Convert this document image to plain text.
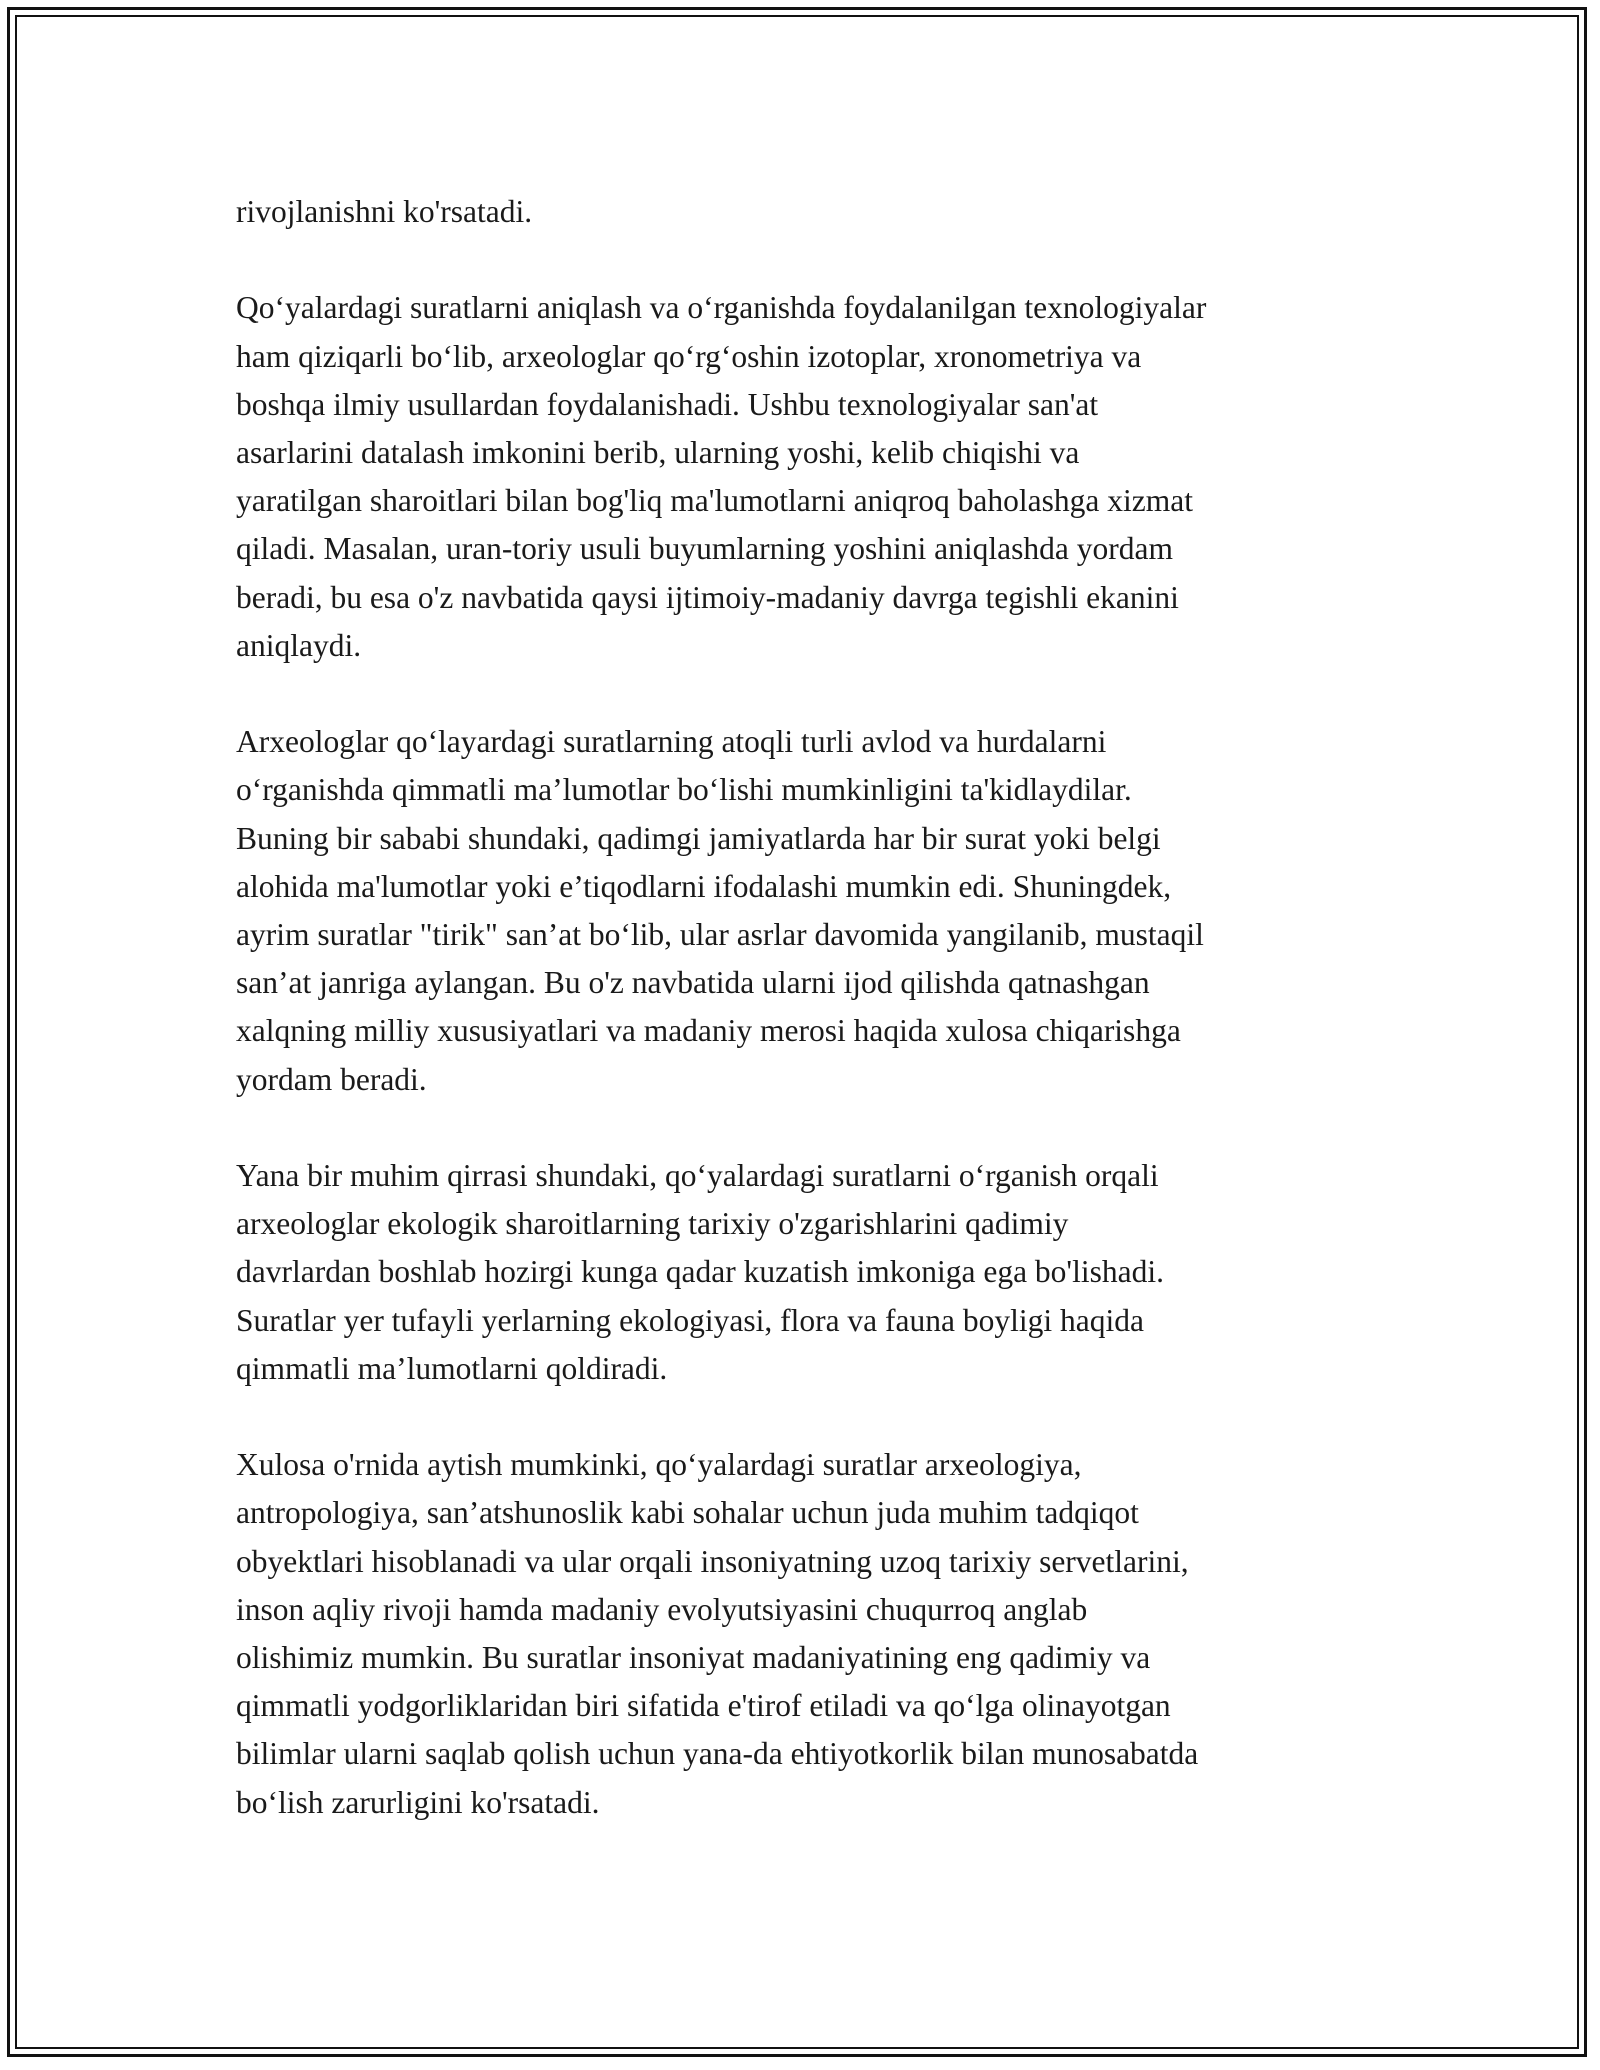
rivojlanishni ko'rsatadi.

Qoʻyalardagi suratlarni aniqlash va oʻrganishda foydalanilgan texnologiyalar
ham qiziqarli boʻlib, arxeologlar qoʻrgʻoshin izotoplar, xronometriya va
boshqa ilmiy usullardan foydalanishadi. Ushbu texnologiyalar san'at
asarlarini datalash imkonini berib, ularning yoshi, kelib chiqishi va
yaratilgan sharoitlari bilan bog'liq ma'lumotlarni aniqroq baholashga xizmat
qiladi. Masalan, uran-toriy usuli buyumlarning yoshini aniqlashda yordam
beradi, bu esa o'z navbatida qaysi ijtimoiy-madaniy davrga tegishli ekanini
aniqlaydi.

Arxeologlar qoʻlayardagi suratlarning atoqli turli avlod va hurdalarni
oʻrganishda qimmatli ma’lumotlar boʻlishi mumkinligini ta'kidlaydilar.
Buning bir sababi shundaki, qadimgi jamiyatlarda har bir surat yoki belgi
alohida ma'lumotlar yoki e’tiqodlarni ifodalashi mumkin edi. Shuningdek,
ayrim suratlar "tirik" san’at boʻlib, ular asrlar davomida yangilanib, mustaqil
san’at janriga aylangan. Bu o'z navbatida ularni ijod qilishda qatnashgan
xalqning milliy xususiyatlari va madaniy merosi haqida xulosa chiqarishga
yordam beradi.

Yana bir muhim qirrasi shundaki, qoʻyalardagi suratlarni oʻrganish orqali
arxeologlar ekologik sharoitlarning tarixiy o'zgarishlarini qadimiy
davrlardan boshlab hozirgi kunga qadar kuzatish imkoniga ega bo'lishadi.
Suratlar yer tufayli yerlarning ekologiyasi, flora va fauna boyligi haqida
qimmatli ma’lumotlarni qoldiradi.

Xulosa o'rnida aytish mumkinki, qoʻyalardagi suratlar arxeologiya,
antropologiya, san’atshunoslik kabi sohalar uchun juda muhim tadqiqot
obyektlari hisoblanadi va ular orqali insoniyatning uzoq tarixiy servetlarini,
inson aqliy rivoji hamda madaniy evolyutsiyasini chuqurroq anglab
olishimiz mumkin. Bu suratlar insoniyat madaniyatining eng qadimiy va
qimmatli yodgorliklaridan biri sifatida e'tirof etiladi va qoʻlga olinayotgan
bilimlar ularni saqlab qolish uchun yana-da ehtiyotkorlik bilan munosabatda
boʻlish zarurligini ko'rsatadi.
